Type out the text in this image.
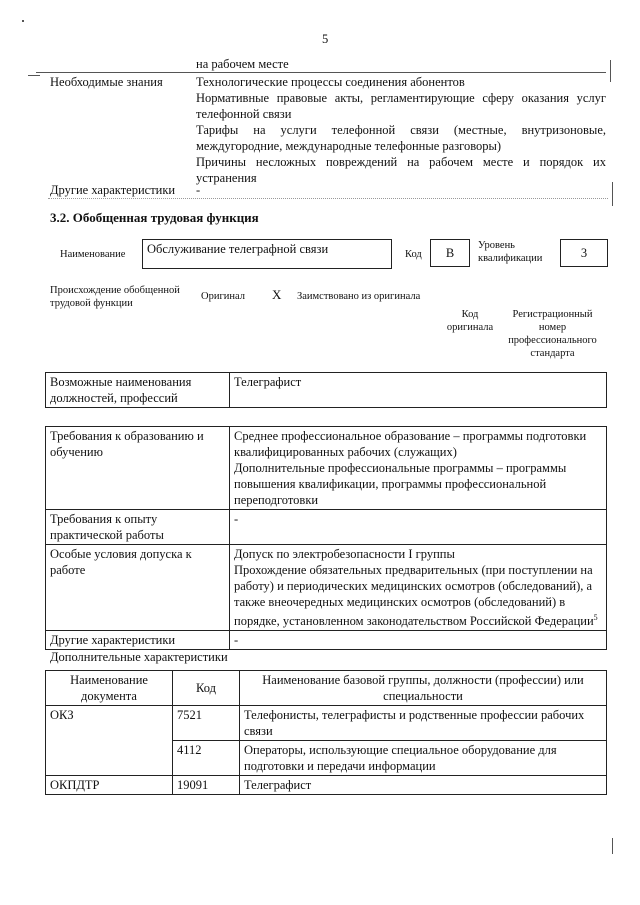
5
на рабочем месте
Необходимые знания	Технологические процессы соединения абонентов
Нормативные правовые акты, регламентирующие сферу оказания услуг телефонной связи
Тарифы на услуги телефонной связи (местные, внутризоновые, междугородние, международные телефонные разговоры)
Причины несложных повреждений на рабочем месте и порядок их устранения
Другие характеристики -
3.2. Обобщенная трудовая функция
Наименование	Обслуживание телеграфной связи	Код	B
Уровень квалификации	3
Происхождение обобщенной трудовой функции
Оригинал X Заимствовано из оригинала
Код оригинала
Регистрационный номер профессионального стандарта
Возможные наименования должностей, профессий	Телеграфист
Требования к образованию и обучению	Среднее профессиональное образование – программы подготовки квалифицированных рабочих (служащих)
Дополнительные профессиональные программы – программы повышения квалификации, программы профессиональной переподготовки

Требования к опыту практической работы	-
Особые условия допуска к работе	Допуск по электробезопасности I группы
Прохождение обязательных предварительных (при поступлении на работу) и периодических медицинских осмотров (обследований), а также внеочередных медицинских осмотров (обследований) в порядке, установленном законодательством Российской Федерации$^5$

Другие характеристики	-
Дополнительные характеристики
Наименование документа	Код	Наименование базовой группы, должности (профессии) или специальности
ОКЗ	7521	Телефонисты, телеграфисты и родственные профессии рабочих связи
	4112	Операторы, использующие специальное оборудование для подготовки и передачи информации
ОКПДТР	19091	Телеграфист
